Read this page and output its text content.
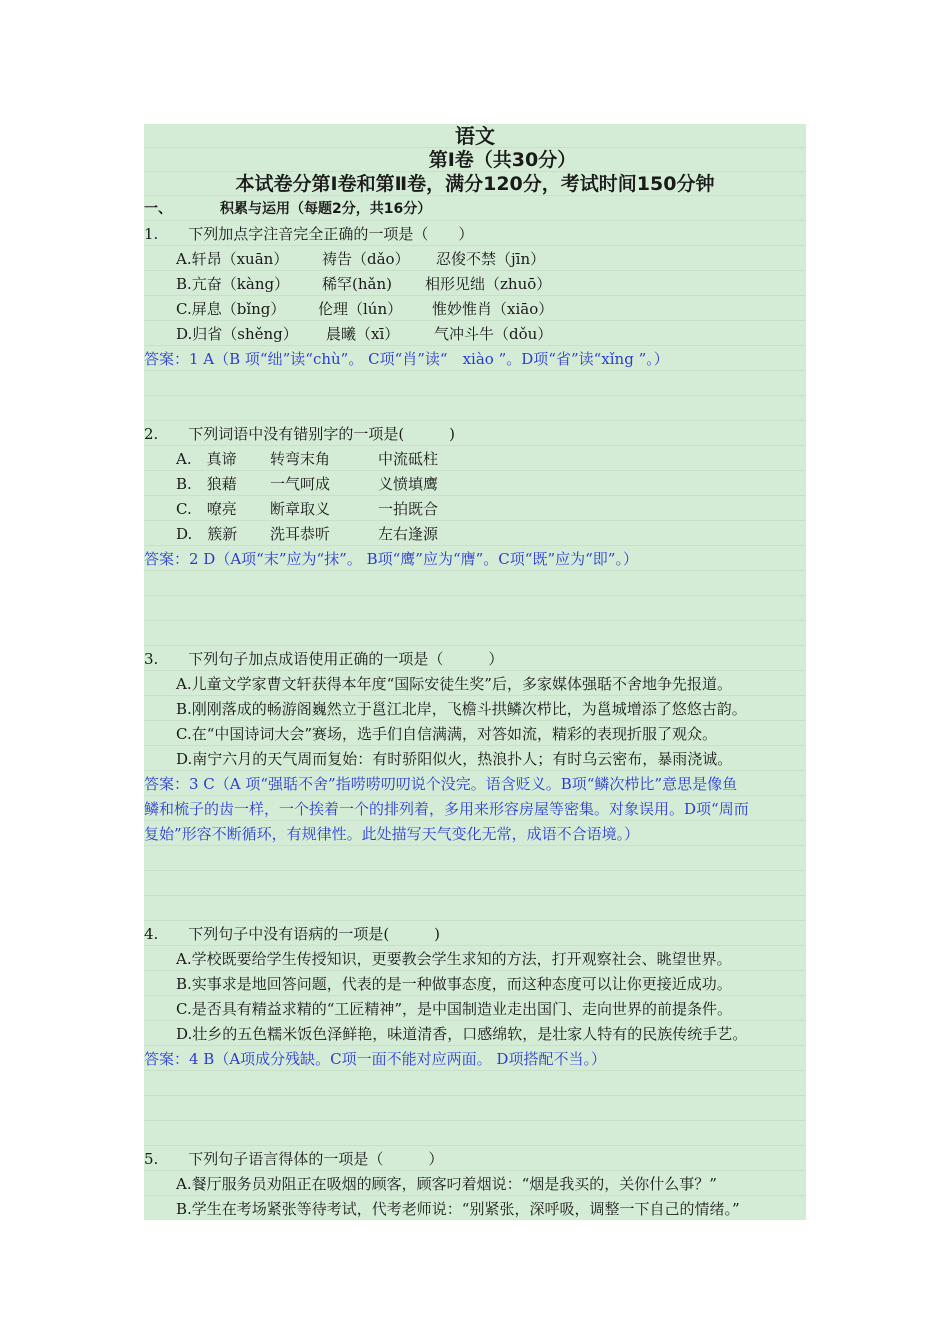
语文
第Ⅰ卷（共30分）
本试卷分第Ⅰ卷和第Ⅱ卷，满分120分，考试时间150分钟
一、	积累与运用（每题2分，共16分）
1.　　下列加点字注音完全正确的一项是（　　）
A.轩昂（xuān） 祷告（dǎo） 忍俊不禁（jīn）
B.亢奋（kàng） 稀罕(hǎn) 相形见绌（zhuō）
C.屏息（bǐng） 伦理（lún） 惟妙惟肖（xiāo）
D.归省（shěng） 晨曦（xī） 气冲斗牛（dǒu）
答案：1 A（B 项“绌”读“chù”。 C项“肖”读“　xiào ”。D项“省”读“xǐng ”。）
2.　　下列词语中没有错别字的一项是(　　　)
A.　真谛 转弯末角	中流砥柱
B.　狼藉 一气呵成	义愤填鹰
C.　嘹亮 断章取义	一拍既合
D.　簇新 洗耳恭听	左右逢源
答案：2 D（A项“末”应为“抹”。 B项“鹰”应为“膺”。C项“既”应为“即”。）
3.　　下列句子加点成语使用正确的一项是（　　　）
A.儿童文学家曹文轩获得本年度“国际安徒生奖”后，多家媒体强聒不舍地争先报道。
B.刚刚落成的畅游阁巍然立于邕江北岸，飞檐斗拱鳞次栉比，为邕城增添了悠悠古韵。
C.在“中国诗词大会”赛场，选手们自信满满，对答如流，精彩的表现折服了观众。
D.南宁六月的天气周而复始：有时骄阳似火，热浪扑人；有时乌云密布，暴雨浇诚。
答案：3 C（A 项“强聒不舍”指唠唠叨叨说个没完。语含贬义。B项“鳞次栉比”意思是像鱼
鳞和梳子的齿一样，一个挨着一个的排列着，多用来形容房屋等密集。对象误用。D项“周而
复始”形容不断循环，有规律性。此处描写天气变化无常，成语不合语境。）
4.　　下列句子中没有语病的一项是(　　　)
A.学校既要给学生传授知识，更要教会学生求知的方法，打开观察社会、眺望世界。
B.实事求是地回答问题，代表的是一种做事态度，而这种态度可以让你更接近成功。
C.是否具有精益求精的“工匠精神”，是中国制造业走出国门、走向世界的前提条件。
D.壮乡的五色糯米饭色泽鲜艳，味道清香，口感绵软，是壮家人特有的民族传统手艺。
答案：4 B（A项成分残缺。C项一面不能对应两面。 D项搭配不当。）
5.　　下列句子语言得体的一项是（　　　）
A.餐厅服务员劝阻正在吸烟的顾客，顾客叼着烟说：“烟是我买的，关你什么事？”
B.学生在考场紧张等待考试，代考老师说：“别紧张，深呼吸，调整一下自己的情绪。”
